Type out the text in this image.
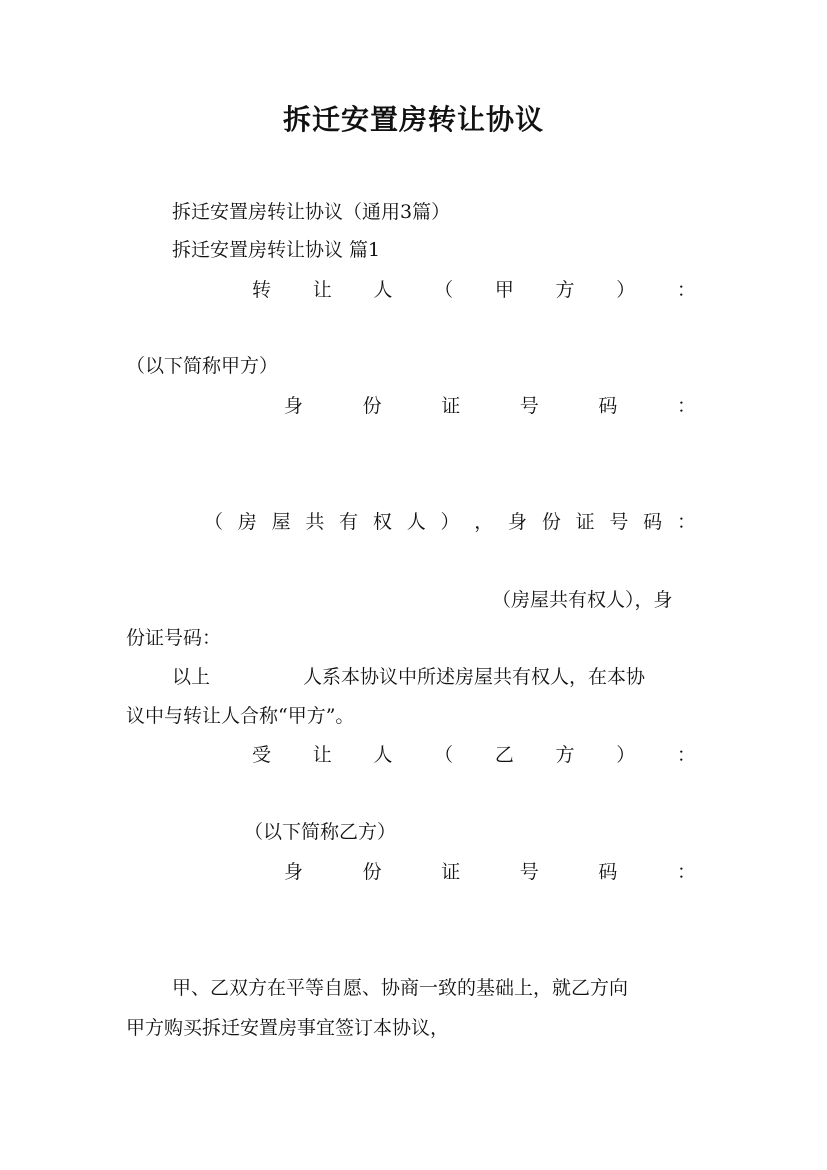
拆迁安置房转让协议
拆迁安置房转让协议（通用3篇）
拆迁安置房转让协议 篇1
转 让 人 （ 甲 方 ） ：
（以下简称甲方）
身	份	证	号	码	：
（ 房 屋 共 有 权 人 ） ， 身 份 证 号 码 ：
（房屋共有权人），身
份证号码：
以上	人系本协议中所述房屋共有权人，在本协
议中与转让人合称“甲方”。
受 让 人 （ 乙 方 ） ：
（以下简称乙方）
身	份	证	号	码	：
甲、乙双方在平等自愿、协商一致的基础上，就乙方向
甲方购买拆迁安置房事宜签订本协议，
